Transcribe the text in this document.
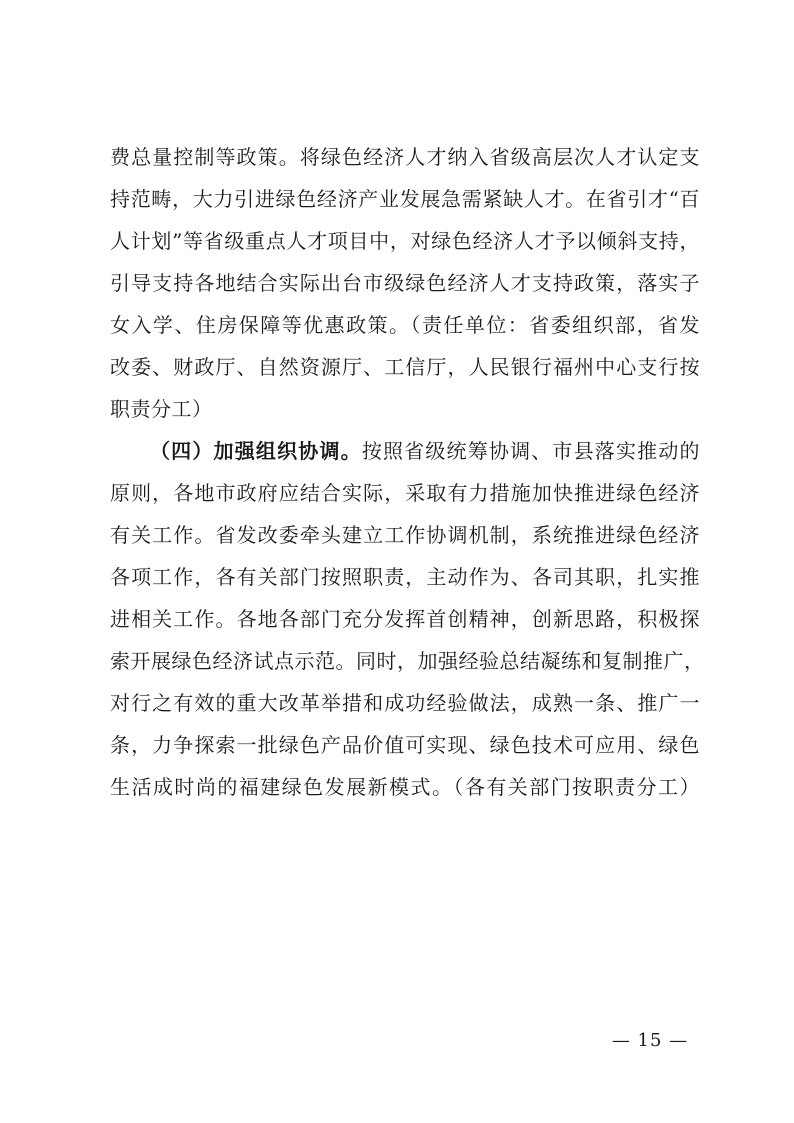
费总量控制等政策。将绿色经济人才纳入省级高层次人才认定支
持范畴，大力引进绿色经济产业发展急需紧缺人才。在省引才“百
人计划”等省级重点人才项目中，对绿色经济人才予以倾斜支持，
引导支持各地结合实际出台市级绿色经济人才支持政策，落实子
女入学、住房保障等优惠政策。（责任单位：省委组织部，省发
改委、财政厅、自然资源厅、工信厅，人民银行福州中心支行按
职责分工）
（四）加强组织协调。按照省级统筹协调、市县落实推动的
原则，各地市政府应结合实际，采取有力措施加快推进绿色经济
有关工作。省发改委牵头建立工作协调机制，系统推进绿色经济
各项工作，各有关部门按照职责，主动作为、各司其职，扎实推
进相关工作。各地各部门充分发挥首创精神，创新思路，积极探
索开展绿色经济试点示范。同时，加强经验总结凝练和复制推广，
对行之有效的重大改革举措和成功经验做法，成熟一条、推广一
条，力争探索一批绿色产品价值可实现、绿色技术可应用、绿色
生活成时尚的福建绿色发展新模式。（各有关部门按职责分工）
— 15 —
